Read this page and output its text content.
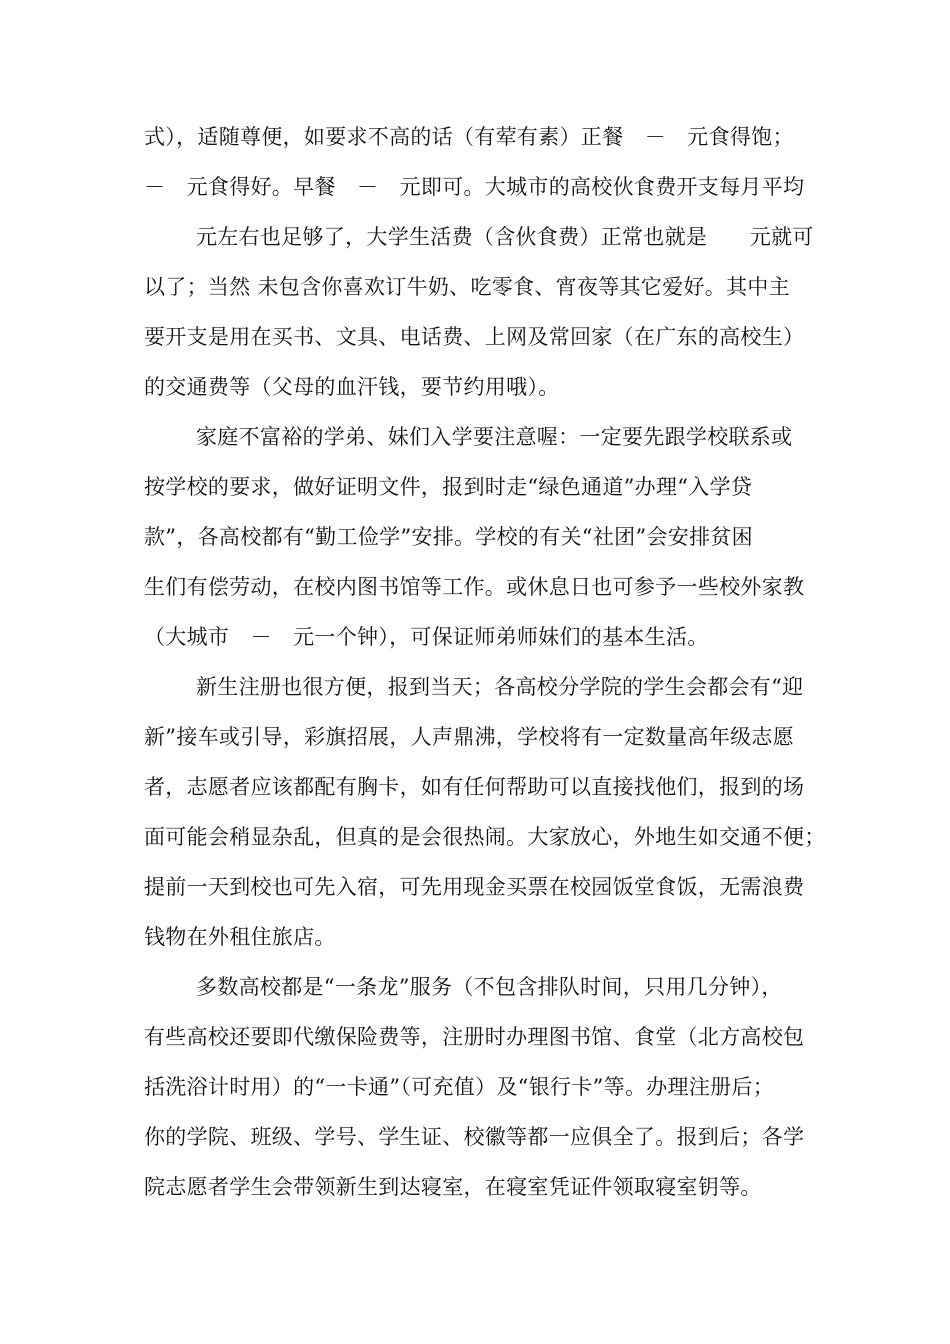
式），适随尊便，如要求不高的话（有荤有素）正餐　－　元食得饱；
－　元食得好。早餐　－　元即可。大城市的高校伙食费开支每月平均
元左右也足够了，大学生活费（含伙食费）正常也就是　　元就可
以了；当然 未包含你喜欢订牛奶、吃零食、宵夜等其它爱好。其中主
要开支是用在买书、文具、电话费、上网及常回家（在广东的高校生）
的交通费等（父母的血汗钱，要节约用哦）。
家庭不富裕的学弟、妹们入学要注意喔：一定要先跟学校联系或
按学校的要求，做好证明文件，报到时走“绿色通道”办理“入学贷
款”，各高校都有“勤工俭学”安排。学校的有关“社团”会安排贫困
生们有偿劳动，在校内图书馆等工作。或休息日也可参予一些校外家教
（大城市　－　元一个钟），可保证师弟师妹们的基本生活。
新生注册也很方便，报到当天；各高校分学院的学生会都会有“迎
新”接车或引导，彩旗招展，人声鼎沸，学校将有一定数量高年级志愿
者，志愿者应该都配有胸卡，如有任何帮助可以直接找他们，报到的场
面可能会稍显杂乱，但真的是会很热闹。大家放心，外地生如交通不便；
提前一天到校也可先入宿，可先用现金买票在校园饭堂食饭，无需浪费
钱物在外租住旅店。
多数高校都是“一条龙”服务（不包含排队时间，只用几分钟），
有些高校还要即代缴保险费等，注册时办理图书馆、食堂（北方高校包
括洗浴计时用）的“一卡通”（可充值）及“银行卡”等。办理注册后；
你的学院、班级、学号、学生证、校徽等都一应俱全了。报到后；各学
院志愿者学生会带领新生到达寝室，在寝室凭证件领取寝室钥等。
